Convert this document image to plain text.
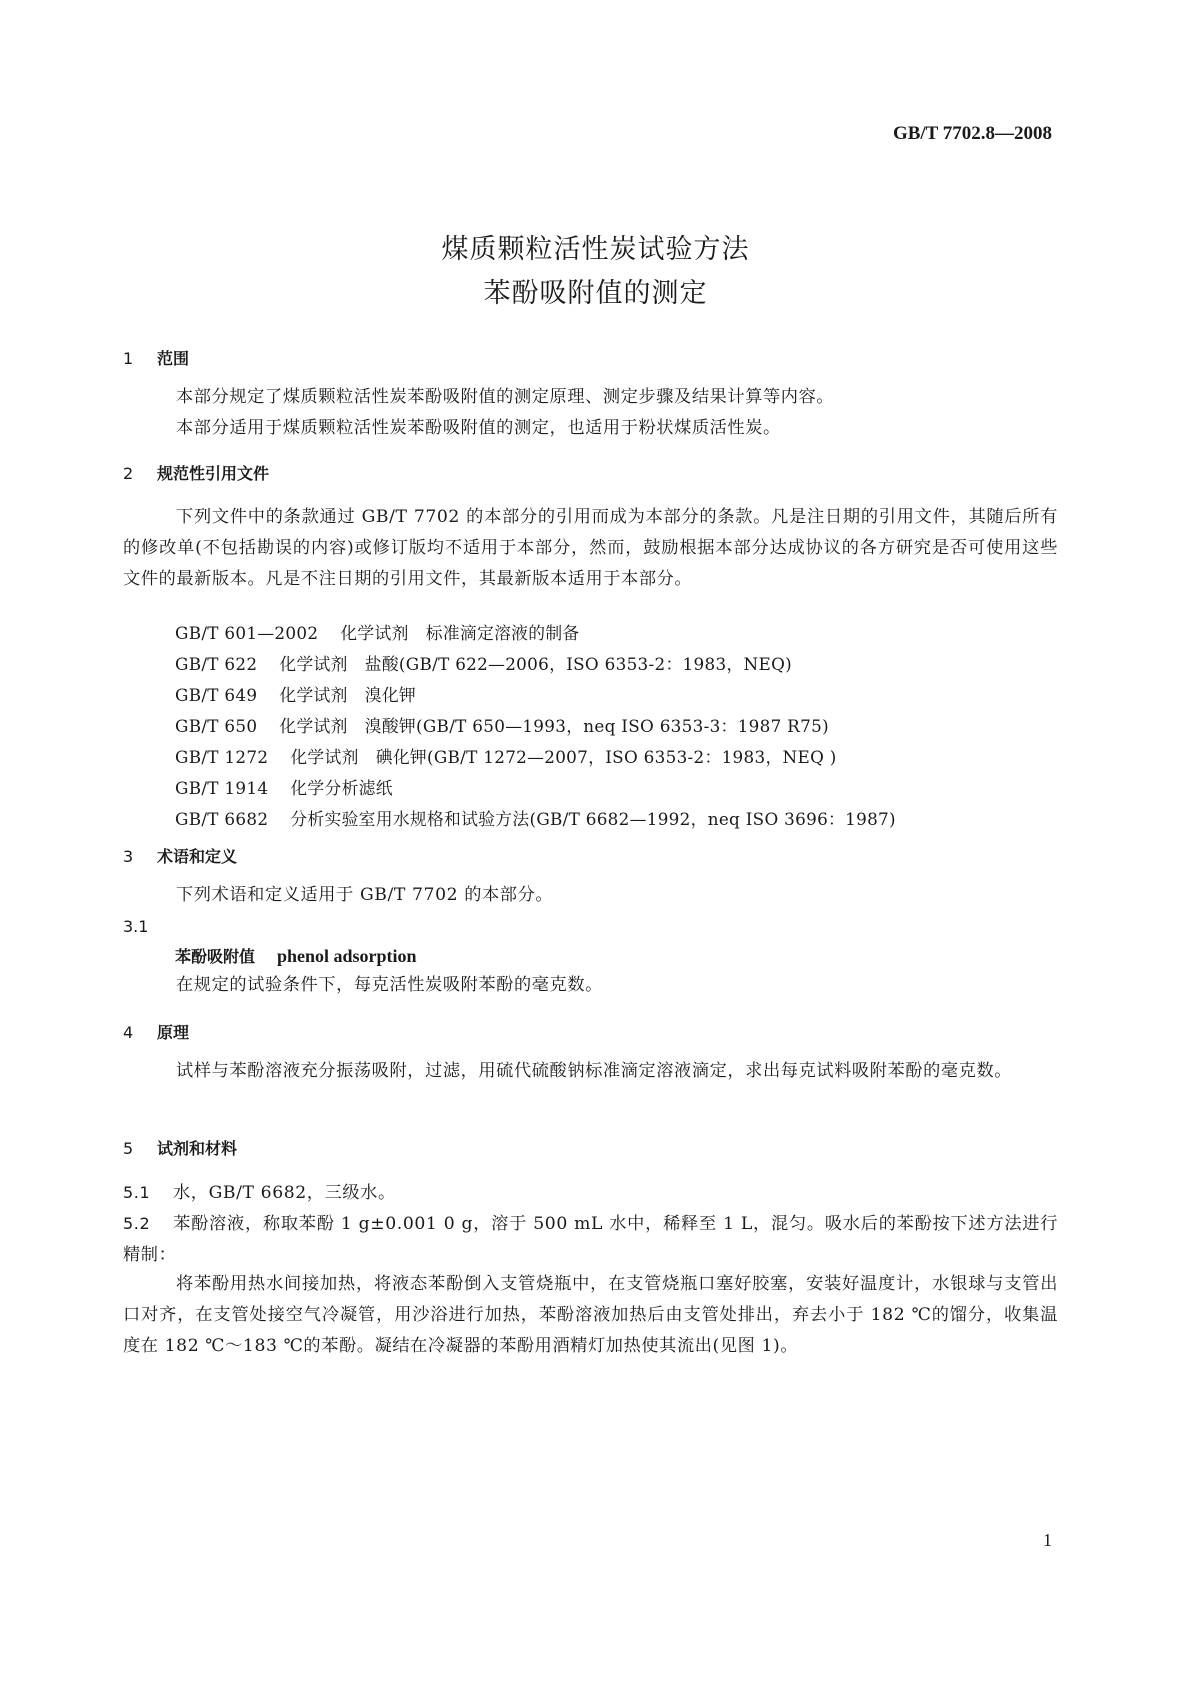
GB/T 7702.8—2008
煤质颗粒活性炭试验方法
苯酚吸附值的测定
1 范围
本部分规定了煤质颗粒活性炭苯酚吸附值的测定原理、测定步骤及结果计算等内容。
本部分适用于煤质颗粒活性炭苯酚吸附值的测定，也适用于粉状煤质活性炭。
2 规范性引用文件
下列文件中的条款通过 GB/T 7702 的本部分的引用而成为本部分的条款。凡是注日期的引用文件，其随后所有的修改单(不包括勘误的内容)或修订版均不适用于本部分，然而，鼓励根据本部分达成协议的各方研究是否可使用这些文件的最新版本。凡是不注日期的引用文件，其最新版本适用于本部分。
GB/T 601—2002 化学试剂　标准滴定溶液的制备
GB/T 622 化学试剂　盐酸(GB/T 622—2006，ISO 6353-2：1983，NEQ)
GB/T 649 化学试剂　溴化钾
GB/T 650 化学试剂　溴酸钾(GB/T 650—1993，neq ISO 6353-3：1987 R75)
GB/T 1272 化学试剂　碘化钾(GB/T 1272—2007，ISO 6353-2：1983，NEQ )
GB/T 1914 化学分析滤纸
GB/T 6682 分析实验室用水规格和试验方法(GB/T 6682—1992，neq ISO 3696：1987)
3 术语和定义
下列术语和定义适用于 GB/T 7702 的本部分。
3.1
苯酚吸附值 phenol adsorption
在规定的试验条件下，每克活性炭吸附苯酚的毫克数。
4 原理
试样与苯酚溶液充分振荡吸附，过滤，用硫代硫酸钠标准滴定溶液滴定，求出每克试料吸附苯酚的毫克数。
5 试剂和材料
5.1 水，GB/T 6682，三级水。
5.2 苯酚溶液，称取苯酚 1 g±0.001 0 g，溶于 500 mL 水中，稀释至 1 L，混匀。吸水后的苯酚按下述方法进行精制：
将苯酚用热水间接加热，将液态苯酚倒入支管烧瓶中，在支管烧瓶口塞好胶塞，安装好温度计，水银球与支管出口对齐，在支管处接空气冷凝管，用沙浴进行加热，苯酚溶液加热后由支管处排出，弃去小于 182 ℃的馏分，收集温度在 182 ℃～183 ℃的苯酚。凝结在冷凝器的苯酚用酒精灯加热使其流出(见图 1)。
1
